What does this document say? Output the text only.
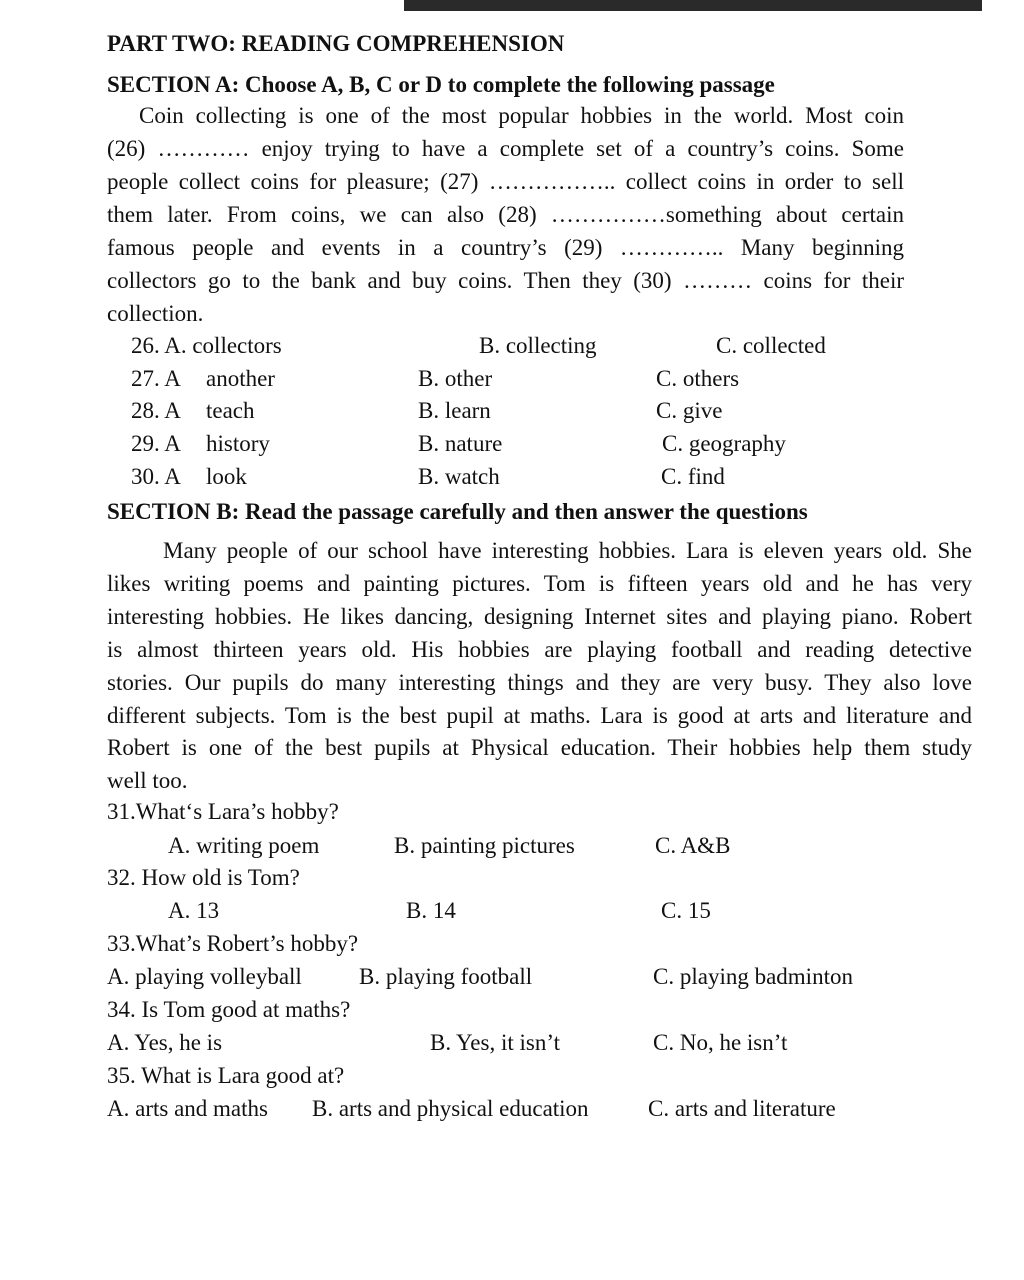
PART TWO: READING COMPREHENSION
SECTION A: Choose A, B, C or D to complete the following passage
Coin collecting is one of the most popular hobbies in the world. Most coin
(26) ………… enjoy trying to have a complete set of a country’s coins. Some
people collect coins for pleasure; (27) …………….. collect coins in order to sell
them later. From coins, we can also (28) ……………something about certain
famous people and events in a country’s (29) ………….. Many beginning
collectors go to the bank and buy coins. Then they (30) ……… coins for their
collection.
26. A. collectors	B. collecting	C. collected
27. A another	B. other	C. others
28. A teach	B. learn	C. give
29. A history	B. nature	C. geography
30. A look	B. watch	C. find
SECTION B: Read the passage carefully and then answer the questions
Many people of our school have interesting hobbies. Lara is eleven years old. She
likes writing poems and painting pictures. Tom is fifteen years old and he has very
interesting hobbies. He likes dancing, designing Internet sites and playing piano. Robert
is almost thirteen years old. His hobbies are playing football and reading detective
stories. Our pupils do many interesting things and they are very busy. They also love
different subjects. Tom is the best pupil at maths. Lara is good at arts and literature and
Robert is one of the best pupils at Physical education. Their hobbies help them study
well too.
31.What‘s Lara’s hobby?
A. writing poem	B. painting pictures	C. A&B
32. How old is Tom?
A. 13	B. 14	C. 15
33.What’s Robert’s hobby?
A. playing volleyball B. playing football	C. playing badminton
34. Is Tom good at maths?
A. Yes, he is	B. Yes, it isn’t	C. No, he isn’t
35. What is Lara good at?
A. arts and maths B. arts and physical education	C. arts and literature
